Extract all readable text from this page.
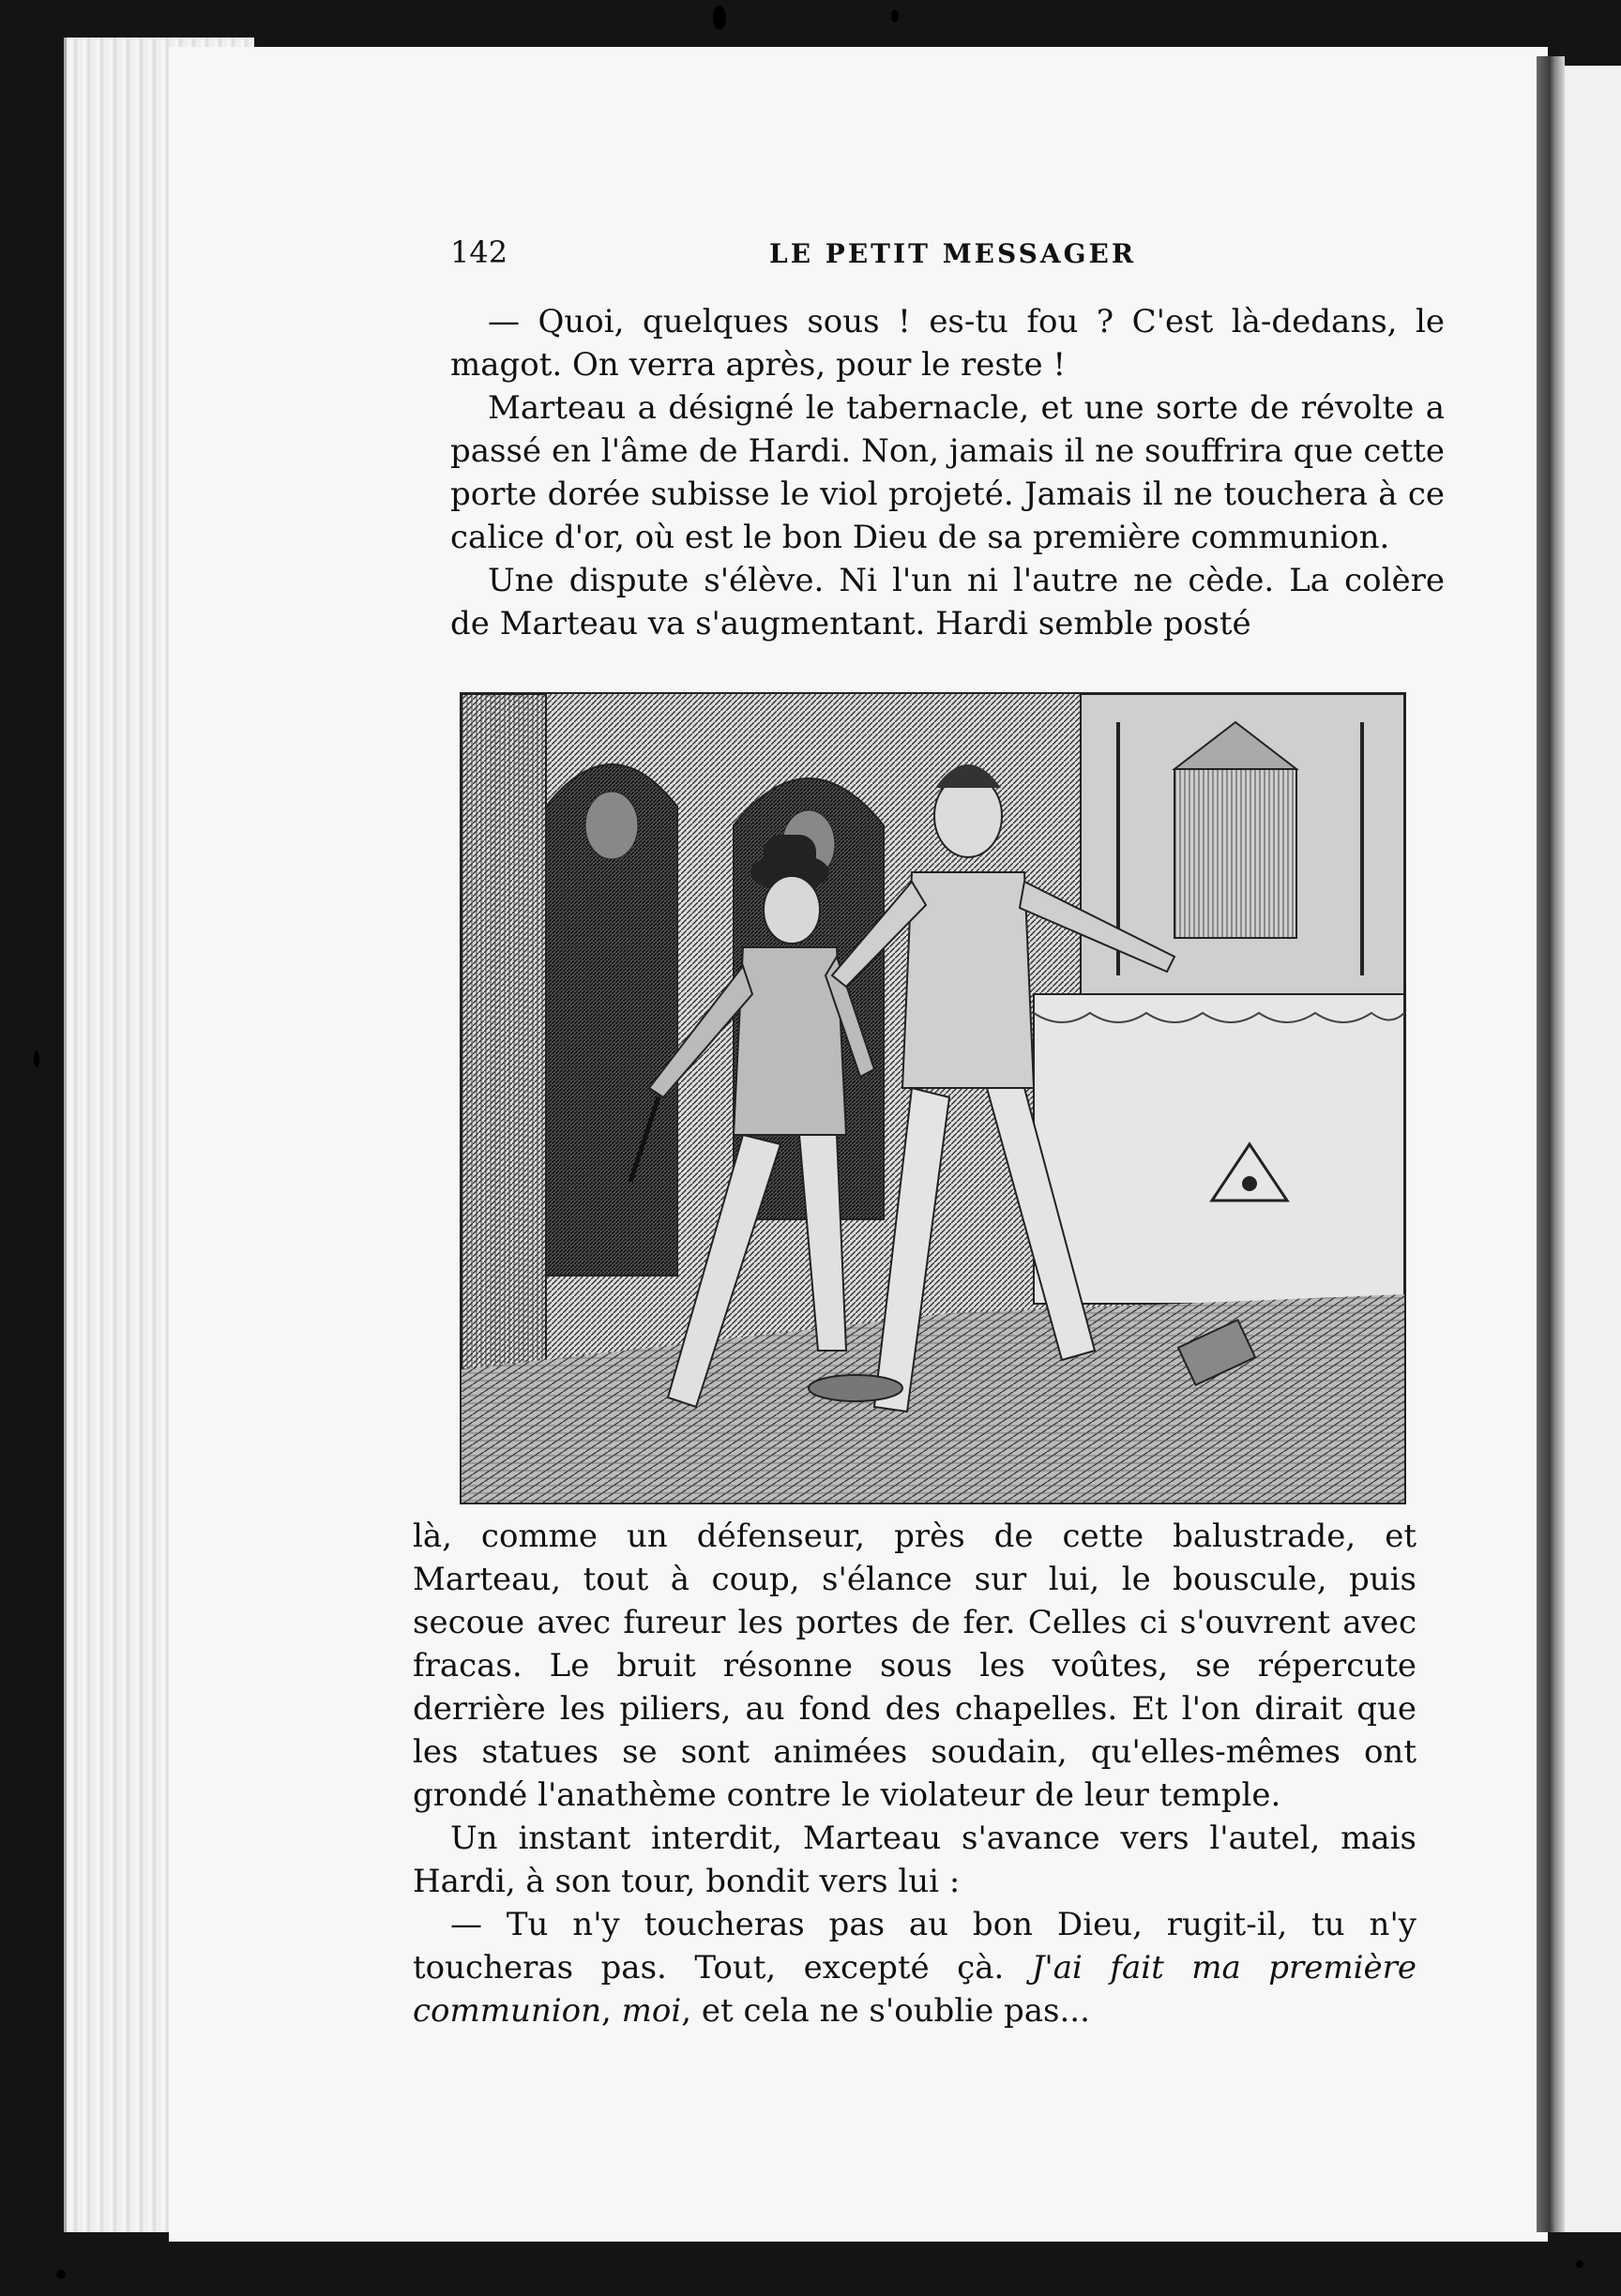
142	LE PETIT MESSAGER

— Quoi, quelques sous ! es-tu fou ? C'est là-dedans, le magot. On verra après, pour le reste !

Marteau a désigné le tabernacle, et une sorte de révolte a passé en l'âme de Hardi. Non, jamais il ne souffrira que cette porte dorée subisse le viol projeté. Jamais il ne touchera à ce calice d'or, où est le bon Dieu de sa première communion.

Une dispute s'élève. Ni l'un ni l'autre ne cède. La colère de Marteau va s'augmentant. Hardi semble posté

là, comme un défenseur, près de cette balustrade, et Marteau, tout à coup, s'élance sur lui, le bouscule, puis secoue avec fureur les portes de fer. Celles ci s'ouvrent avec fracas. Le bruit résonne sous les voûtes, se répercute derrière les piliers, au fond des chapelles. Et l'on dirait que les statues se sont animées soudain, qu'elles-mêmes ont grondé l'anathème contre le violateur de leur temple.

Un instant interdit, Marteau s'avance vers l'autel, mais Hardi, à son tour, bondit vers lui :

— Tu n'y toucheras pas au bon Dieu, rugit-il, tu n'y toucheras pas. Tout, excepté çà. J'ai fait ma première communion, moi, et cela ne s'oublie pas...
